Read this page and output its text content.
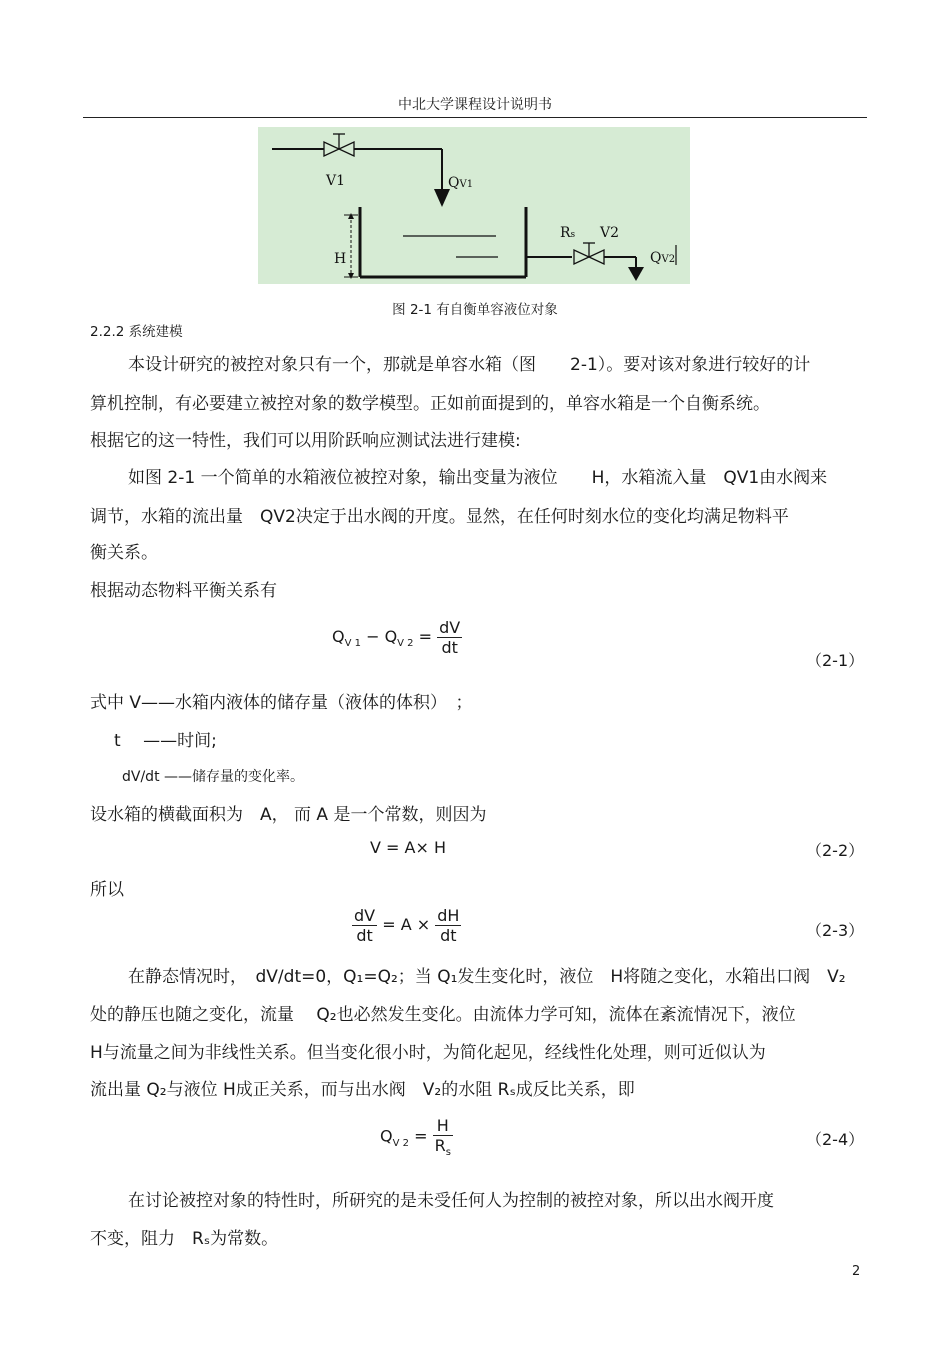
中北大学课程设计说明书
V1	QV1
H
Rs V2
QV2
图 2-1 有自衡单容液位对象
2.2.2 系统建模
本设计研究的被控对象只有一个，那就是单容水箱（图　　2-1）。要对该对象进行较好的计
算机控制，有必要建立被控对象的数学模型。正如前面提到的，单容水箱是一个自衡系统。
根据它的这一特性，我们可以用阶跃响应测试法进行建模:
如图 2-1 一个简单的水箱液位被控对象，输出变量为液位　　H，水箱流入量　QV1由水阀来
调节，水箱的流出量　QV2决定于出水阀的开度。显然，在任何时刻水位的变化均满足物料平
衡关系。
根据动态物料平衡关系有
$Q_{V 1} - Q_{V 2} = \frac{dV}{dt}$
（2-1）
式中 V——水箱内液体的储存量（液体的体积）　；
t　 ——时间;
dV/dt ——储存量的变化率。
设水箱的横截面积为　A， 而 A 是一个常数，则因为
V = A× H	（2-2）
所以
$\frac{dV}{dt} = A \times \frac{dH}{dt}$	（2-3）
在静态情况时，　dV/dt=0，Q₁=Q₂；当 Q₁发生变化时，液位　H将随之变化，水箱出口阀　V₂
处的静压也随之变化，流量　 Q₂也必然发生变化。由流体力学可知，流体在紊流情况下，液位
H与流量之间为非线性关系。但当变化很小时，为简化起见，经线性化处理，则可近似认为
流出量 Q₂与液位 H成正关系，而与出水阀　V₂的水阻 Rₛ成反比关系，即
$Q_{V 2} = \frac{H}{R_s}$	（2-4）
在讨论被控对象的特性时，所研究的是未受任何人为控制的被控对象，所以出水阀开度
不变，阻力　Rₛ为常数。
2
